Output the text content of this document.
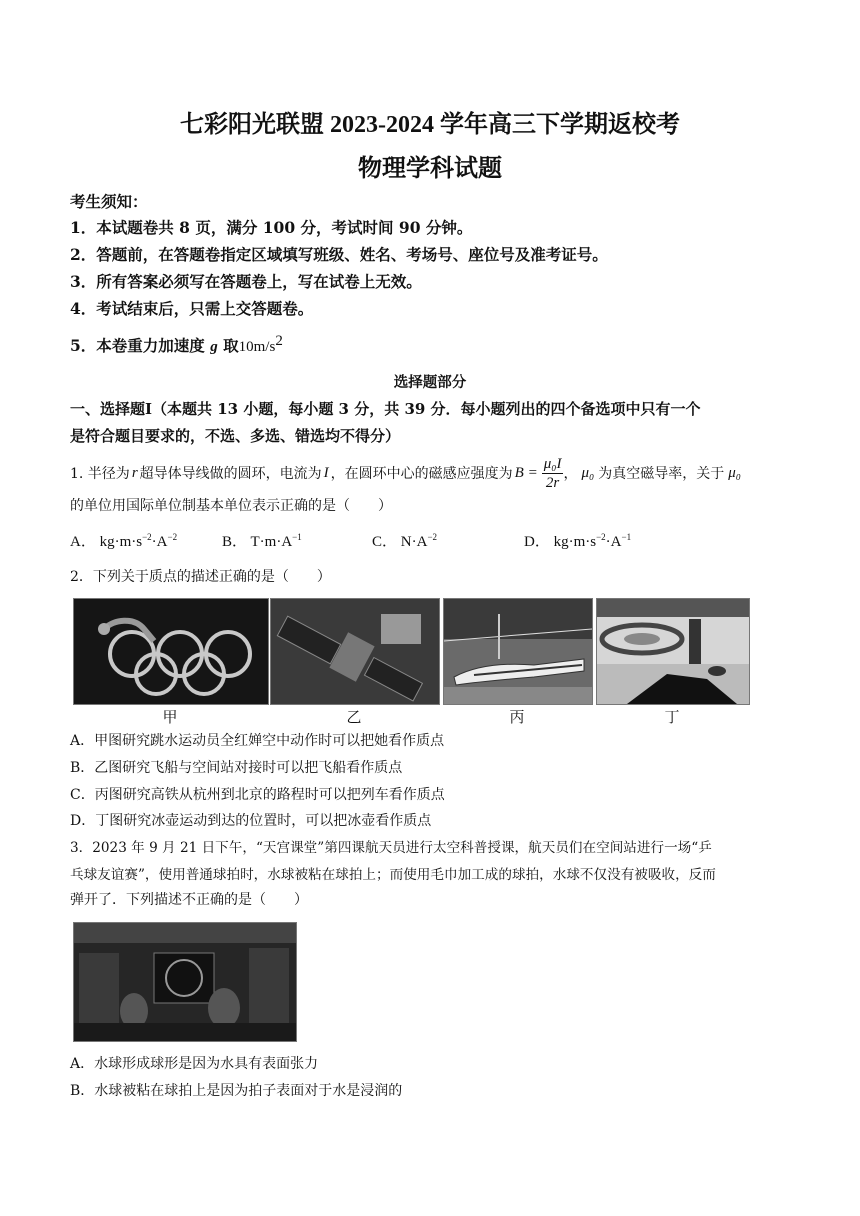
七彩阳光联盟 2023-2024 学年高三下学期返校考
物理学科试题
考生须知：
1．本试题卷共 8 页，满分 100 分，考试时间 90 分钟。
2．答题前，在答题卷指定区域填写班级、姓名、考场号、座位号及准考证号。
3．所有答案必须写在答题卷上，写在试卷上无效。
4．考试结束后，只需上交答题卷。
5．本卷重力加速度 g 取$10m/s^2$
选择题部分
一、选择题Ⅰ（本题共 13 小题，每小题 3 分，共 39 分．每小题列出的四个备选项中只有一个
是符合题目要求的，不选、多选、错选均不得分）
1. 半径为 r 超导体导线做的圆环，电流为 I ，在圆环中心的磁感应强度为 $B = \frac{\text{μ₀I}}{2r}$ ， μ₀ 为真空磁导率，关于 μ₀
的单位用国际单位制基本单位表示正确的是（　　）
A． $kg\cdot m\cdot s^{-2}\cdot A^{-2}$	B． $T\cdot m\cdot A^{-1}$	C． $N\cdot A^{-2}$	D． $kg\cdot m\cdot s^{-2}\cdot A^{-1}$
2．下列关于质点的描述正确的是（　　）
甲	乙	丙	丁
A．甲图研究跳水运动员全红婵空中动作时可以把她看作质点
B．乙图研究飞船与空间站对接时可以把飞船看作质点
C．丙图研究高铁从杭州到北京的路程时可以把列车看作质点
D．丁图研究冰壶运动到达的位置时，可以把冰壶看作质点
3．2023 年 9 月 21 日下午，“天宫课堂”第四课航天员进行太空科普授课，航天员们在空间站进行一场“乒
乓球友谊赛”，使用普通球拍时，水球被粘在球拍上；而使用毛巾加工成的球拍，水球不仅没有被吸收，反而
弹开了．下列描述不正确的是（　　）
A．水球形成球形是因为水具有表面张力
B．水球被粘在球拍上是因为拍子表面对于水是浸润的
